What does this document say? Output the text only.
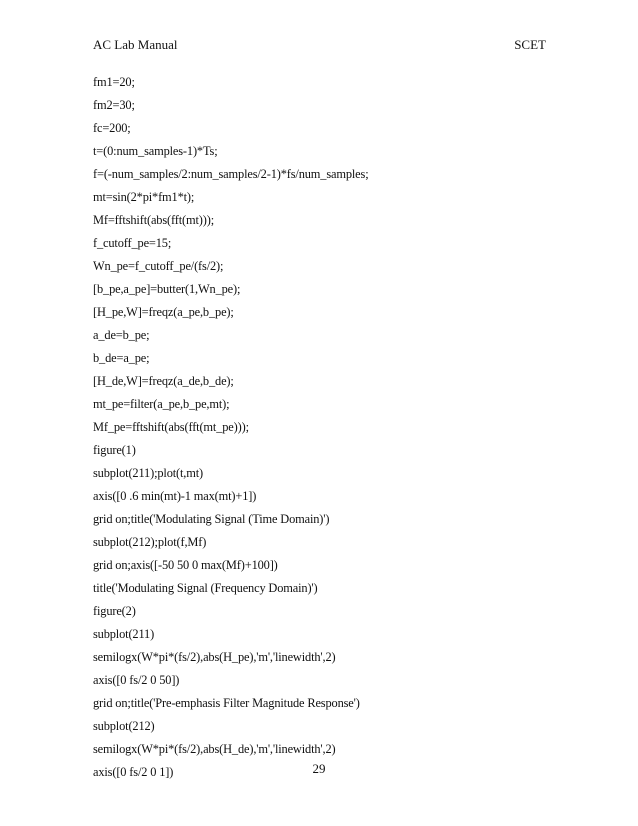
AC Lab Manual	SCET
fm1=20;
fm2=30;
fc=200;
t=(0:num_samples-1)*Ts;
f=(-num_samples/2:num_samples/2-1)*fs/num_samples;
mt=sin(2*pi*fm1*t);
Mf=fftshift(abs(fft(mt)));
f_cutoff_pe=15;
Wn_pe=f_cutoff_pe/(fs/2);
[b_pe,a_pe]=butter(1,Wn_pe);
[H_pe,W]=freqz(a_pe,b_pe);
a_de=b_pe;
b_de=a_pe;
[H_de,W]=freqz(a_de,b_de);
mt_pe=filter(a_pe,b_pe,mt);
Mf_pe=fftshift(abs(fft(mt_pe)));
figure(1)
subplot(211);plot(t,mt)
axis([0 .6 min(mt)-1 max(mt)+1])
grid on;title('Modulating Signal (Time Domain)')
subplot(212);plot(f,Mf)
grid on;axis([-50 50 0 max(Mf)+100])
title('Modulating Signal (Frequency Domain)')
figure(2)
subplot(211)
semilogx(W*pi*(fs/2),abs(H_pe),'m','linewidth',2)
axis([0 fs/2 0 50])
grid on;title('Pre-emphasis Filter Magnitude Response')
subplot(212)
semilogx(W*pi*(fs/2),abs(H_de),'m','linewidth',2)
axis([0 fs/2 0 1])	29
